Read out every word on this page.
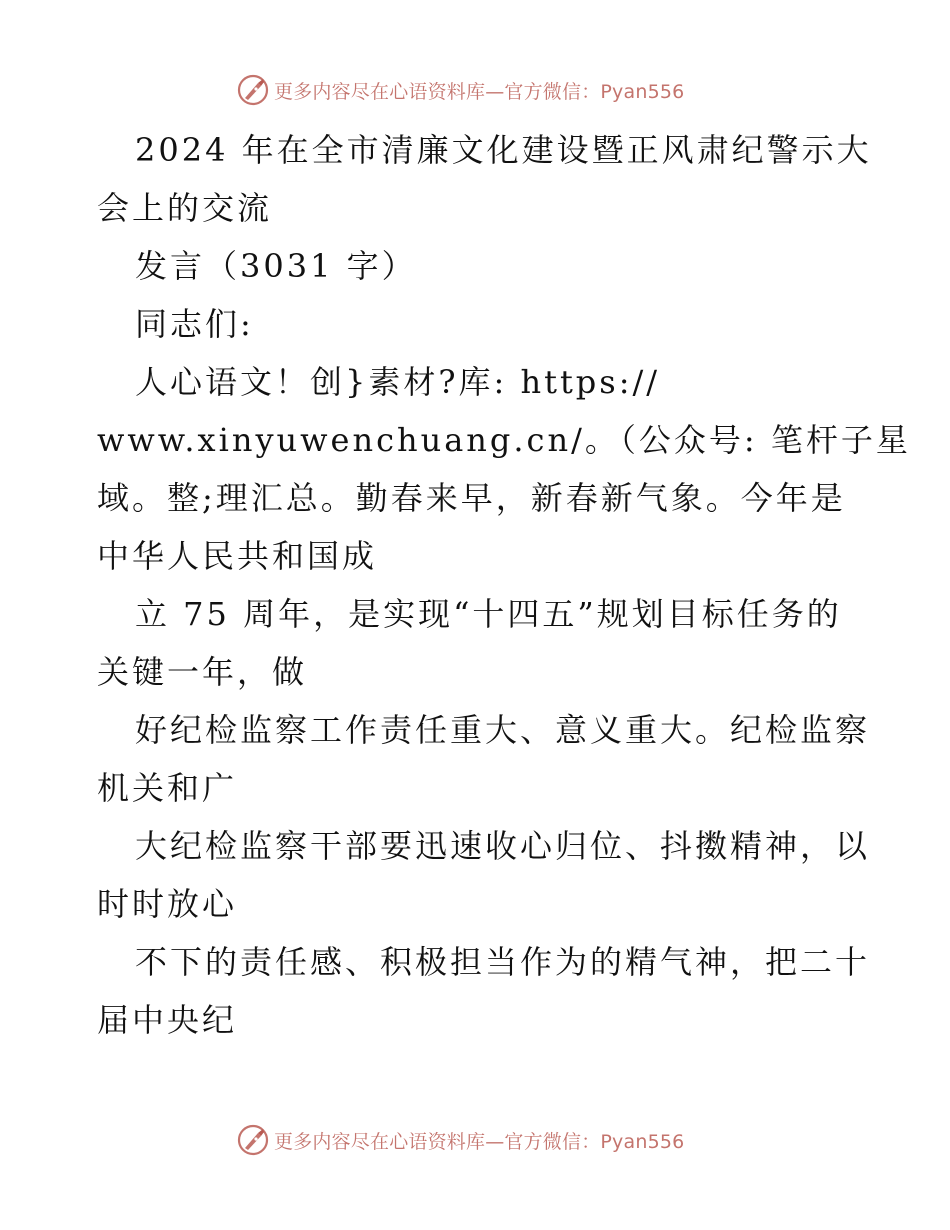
更多内容尽在心语资料库—官方微信：Pyan556
2024 年在全市清廉文化建设暨正风肃纪警示大
会上的交流
发言（3031 字）
同志们:
人心语文！创}素材?库: https://
www.xinyuwenchuang.cn/。（公众号: 笔杆子星
域。整;理汇总。勤春来早，新春新气象。今年是
中华人民共和国成
立 75 周年，是实现“十四五”规划目标任务的
关键一年，做
好纪检监察工作责任重大、意义重大。纪检监察
机关和广
大纪检监察干部要迅速收心归位、抖擞精神，以
时时放心
不下的责任感、积极担当作为的精气神，把二十
届中央纪
更多内容尽在心语资料库—官方微信：Pyan556
